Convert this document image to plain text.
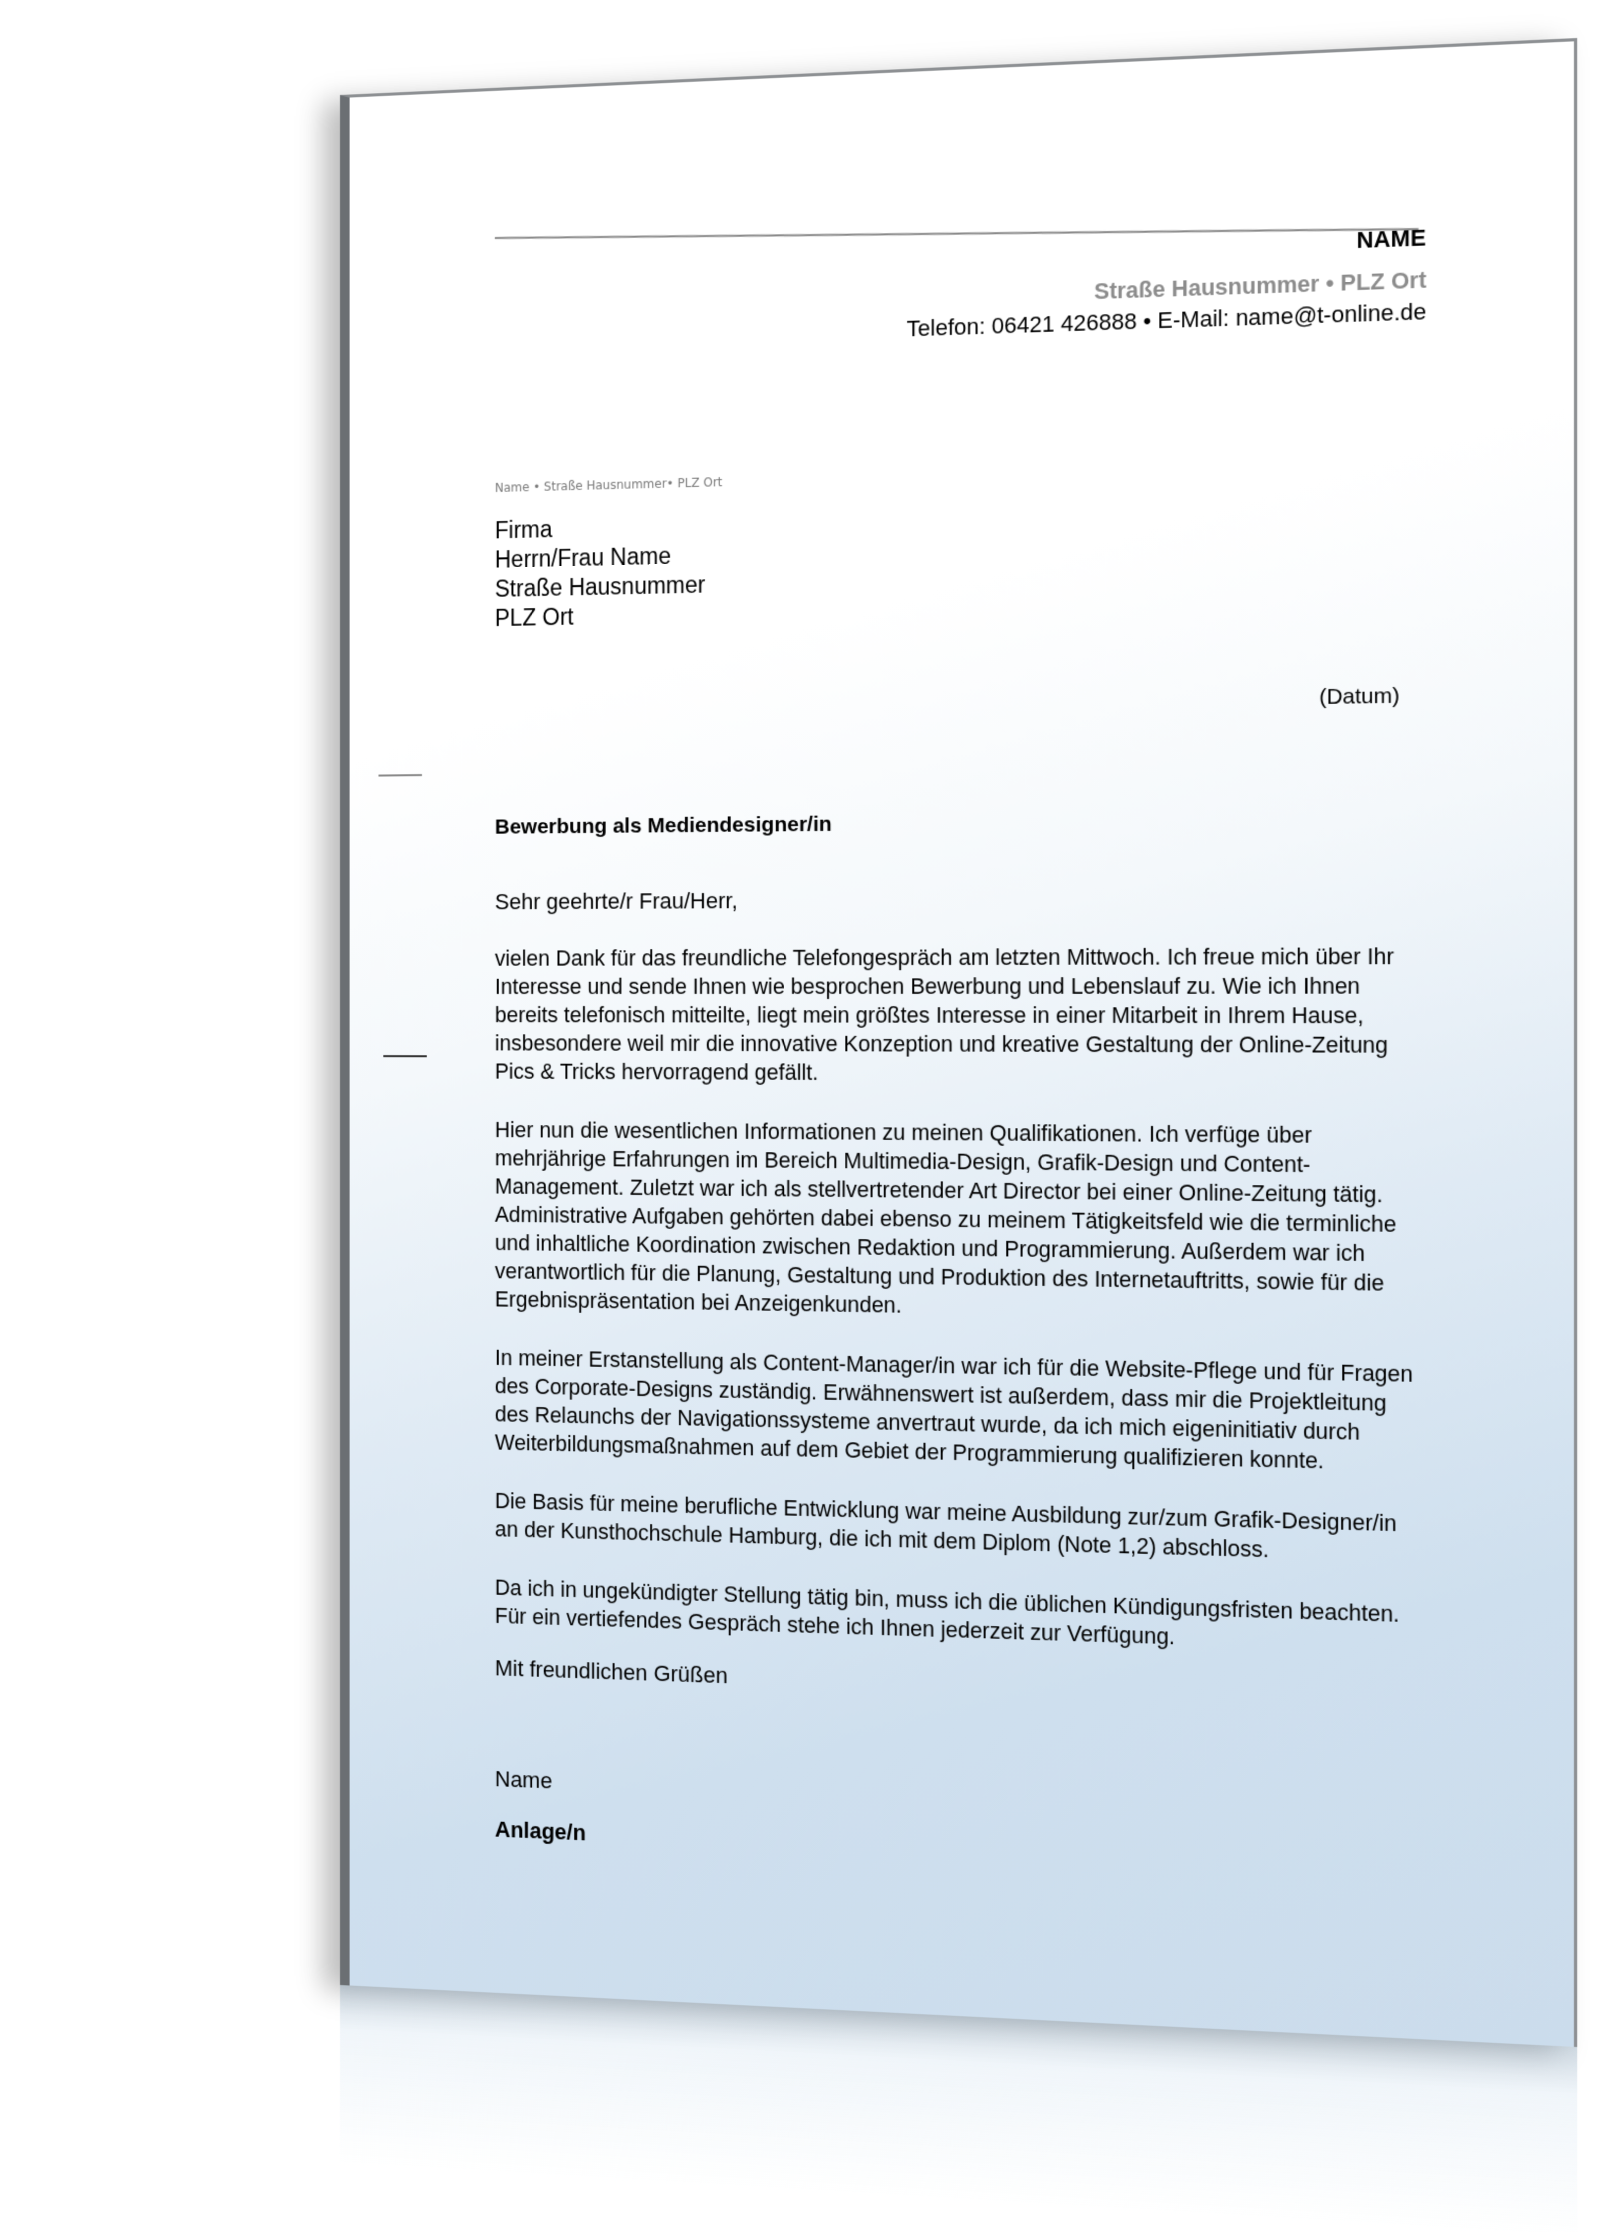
NAME
Straße Hausnummer • PLZ Ort
Telefon: 06421 426888 • E-Mail: name@t-online.de
Name • Straße Hausnummer• PLZ Ort
Firma
Herrn/Frau Name
Straße Hausnummer
PLZ Ort
(Datum)
Bewerbung als Mediendesigner/in
Sehr geehrte/r Frau/Herr,

vielen Dank für das freundliche Telefongespräch am letzten Mittwoch. Ich freue mich über Ihr Interesse und sende Ihnen wie besprochen Bewerbung und Lebenslauf zu. Wie ich Ihnen bereits telefonisch mitteilte, liegt mein größtes Interesse in einer Mitarbeit in Ihrem Hause, insbesondere weil mir die innovative Konzeption und kreative Gestaltung der Online-Zeitung Pics & Tricks hervorragend gefällt.

Hier nun die wesentlichen Informationen zu meinen Qualifikationen. Ich verfüge über mehrjährige Erfahrungen im Bereich Multimedia-Design, Grafik-Design und Content-Management. Zuletzt war ich als stellvertretender Art Director bei einer Online-Zeitung tätig. Administrative Aufgaben gehörten dabei ebenso zu meinem Tätigkeitsfeld wie die terminliche und inhaltliche Koordination zwischen Redaktion und Programmierung. Außerdem war ich verantwortlich für die Planung, Gestaltung und Produktion des Internetauftritts, sowie für die Ergebnispräsentation bei Anzeigenkunden.

In meiner Erstanstellung als Content-Manager/in war ich für die Website-Pflege und für Fragen des Corporate-Designs zuständig. Erwähnenswert ist außerdem, dass mir die Projektleitung des Relaunchs der Navigationssysteme anvertraut wurde, da ich mich eigeninitiativ durch Weiterbildungsmaßnahmen auf dem Gebiet der Programmierung qualifizieren konnte.

Die Basis für meine berufliche Entwicklung war meine Ausbildung zur/zum Grafik-Designer/in an der Kunsthochschule Hamburg, die ich mit dem Diplom (Note 1,2) abschloss.

Da ich in ungekündigter Stellung tätig bin, muss ich die üblichen Kündigungsfristen beachten. Für ein vertiefendes Gespräch stehe ich Ihnen jederzeit zur Verfügung.

Mit freundlichen Grüßen
Name
Anlage/n
